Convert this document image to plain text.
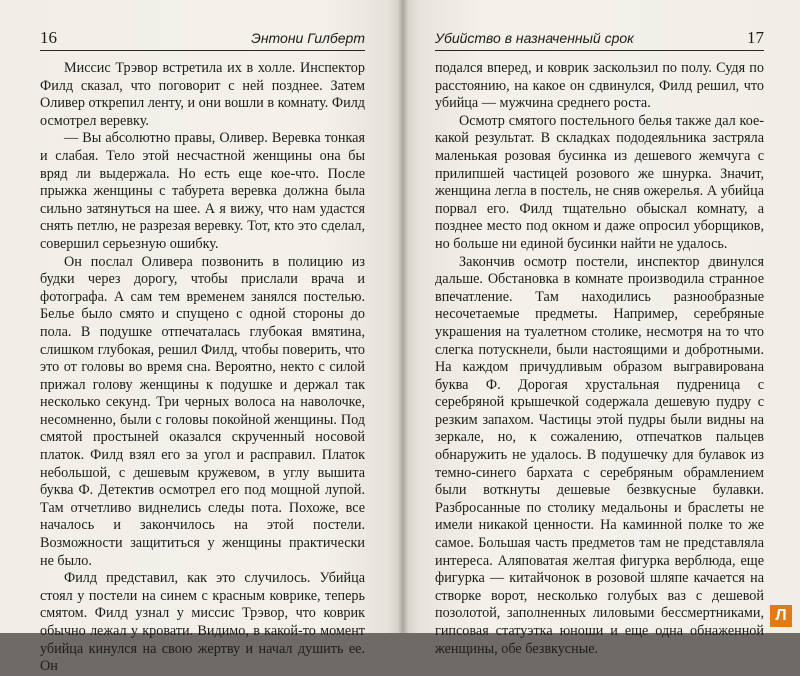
16	Энтони Гилберт

Миссис Трэвор встретила их в холле. Инспектор Филд сказал, что поговорит с ней позднее. Затем Оливер открепил ленту, и они вошли в комнату. Филд осмотрел веревку.

— Вы абсолютно правы, Оливер. Веревка тонкая и слабая. Тело этой несчастной женщины она бы вряд ли выдержала. Но есть еще кое-что. После прыжка женщины с табурета веревка должна была сильно затянуться на шее. А я вижу, что нам удастся снять петлю, не разрезая веревку. Тот, кто это сделал, совершил серьезную ошибку.

Он послал Оливера позвонить в полицию из будки через дорогу, чтобы прислали врача и фотографа. А сам тем временем занялся постелью. Белье было смято и спущено с одной стороны до пола. В подушке отпечаталась глубокая вмятина, слишком глубокая, решил Филд, чтобы поверить, что это от головы во время сна. Вероятно, некто с силой прижал голову женщины к подушке и держал так несколько секунд. Три черных волоса на наволочке, несомненно, были с головы покойной женщины. Под смятой простыней оказался скрученный носовой платок. Филд взял его за угол и расправил. Платок небольшой, с дешевым кружевом, в углу вышита буква Ф. Детектив осмотрел его под мощной лупой. Там отчетливо виднелись следы пота. Похоже, все началось и закончилось на этой постели. Возможности защититься у женщины практически не было.

Филд представил, как это случилось. Убийца стоял у постели на синем с красным коврике, теперь смятом. Филд узнал у миссис Трэвор, что коврик обычно лежал у кровати. Видимо, в какой-то момент убийца кинулся на свою жертву и начал душить ее. Он

Убийство в назначенный срок	17

подался вперед, и коврик заскользил по полу. Судя по расстоянию, на какое он сдвинулся, Филд решил, что убийца — мужчина среднего роста.

Осмотр смятого постельного белья также дал кое-какой результат. В складках пододеяльника застряла маленькая розовая бусинка из дешевого жемчуга с прилипшей частицей розового же шнурка. Значит, женщина легла в постель, не сняв ожерелья. А убийца порвал его. Филд тщательно обыскал комнату, а позднее место под окном и даже опросил уборщиков, но больше ни единой бусинки найти не удалось.

Закончив осмотр постели, инспектор двинулся дальше. Обстановка в комнате производила странное впечатление. Там находились разнообразные несочетаемые предметы. Например, серебряные украшения на туалетном столике, несмотря на то что слегка потускнели, были настоящими и добротными. На каждом причудливым образом выгравирована буква Ф. Дорогая хрустальная пудреница с серебряной крышечкой содержала дешевую пудру с резким запахом. Частицы этой пудры были видны на зеркале, но, к сожалению, отпечатков пальцев обнаружить не удалось. В подушечку для булавок из темно-синего бархата с серебряным обрамлением были воткнуты дешевые безвкусные булавки. Разбросанные по столику медальоны и браслеты не имели никакой ценности. На каминной полке то же самое. Большая часть предметов там не представляла интереса. Аляповатая желтая фигурка верблюда, еще фигурка — китайчонок в розовой шляпе качается на створке ворот, несколько голубых ваз с дешевой позолотой, заполненных лиловыми бессмертниками, гипсовая статуэтка юноши и еще одна обнаженной женщины, обе безвкусные.

Л
